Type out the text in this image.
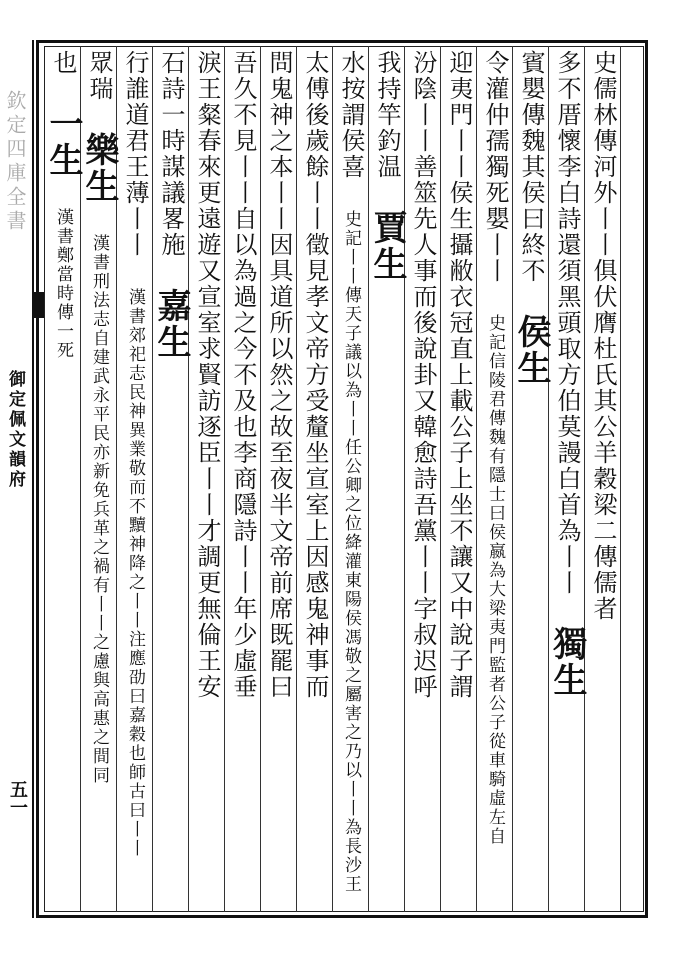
欽定四庫全書
御定佩文韻府
五一
史儒林傳河外丨丨俱伏膺杜氏其公羊穀梁二傳儒者
多不厝懷李白詩還須黑頭取方伯莫謾白首為丨丨 獨生
賓嬰傳魏其侯曰終不 侯生
令灌仲孺獨死嬰丨丨 史記信陵君傳魏有隱士曰侯嬴為大梁夷門監者公子從車騎虛左自
迎夷門丨丨侯生攝敝衣冠直上載公子上坐不讓又中說子謂
汾陰丨丨善筮先人事而後說卦又韓愈詩吾黨丨丨字叔迟呼
我持竿釣温 賈生
水按謂侯喜 史記丨丨傳天子議以為丨丨任公卿之位絳灌東陽侯馮敬之屬害之乃以丨丨為長沙王
太傅後歲餘丨丨徵見孝文帝方受釐坐宣室上因感鬼神事而
問鬼神之本丨丨因具道所以然之故至夜半文帝前席既罷曰
吾久不見丨丨自以為過之今不及也李商隱詩丨丨年少虛垂
淚王粲春來更遠遊又宣室求賢訪逐臣丨丨才調更無倫王安
石詩一時謀議畧施 嘉生
行誰道君王薄丨丨 漢書郊祀志民神異業敬而不黷神降之丨丨注應劭曰嘉穀也師古曰丨丨
眾瑞 樂生 漢書刑法志自建武永平民亦新免兵革之禍有丨丨之慮與高惠之間同
也 一生 漢書鄭當時傳一死
